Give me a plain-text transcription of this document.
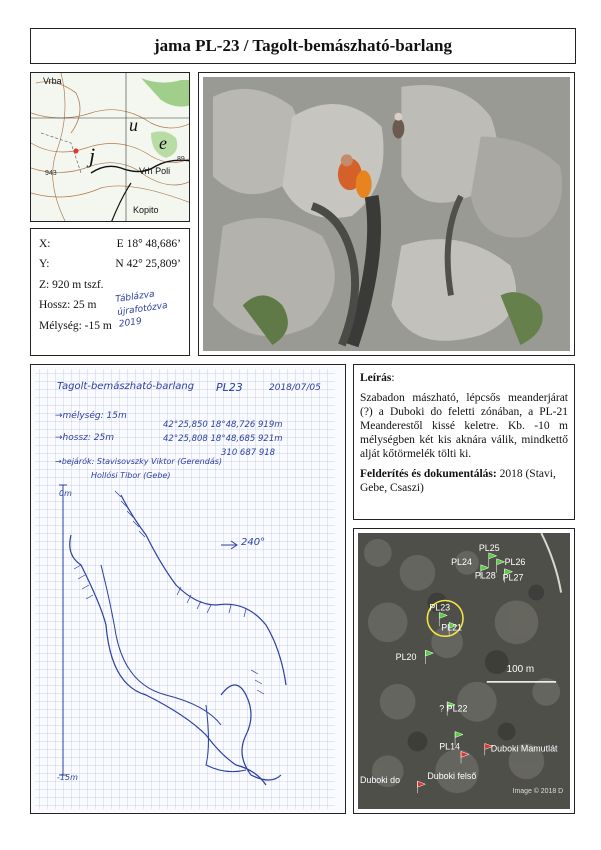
jama PL-23 / Tagolt-bemászható-barlang
Vrba
j
u
e
943	Vrh Poli
89
Kopito
X:	E 18° 48,686’
Y:	N 42° 25,809’
Z: 920 m tszf.
Hossz: 25 m
Mélység: -15 m
Táblázva újrafotózva 2019
Tagolt-bemászható-barlang PL23	2018/07/05
→mélység: 15m
→hossz: 25m
42°25,850 18°48,726 919m
42°25,808 18°48,685 921m
310 687 918
→bejárók: Stavisovszky Viktor (Gerendás)
Hollósi Tibor (Gebe)
0m
-15m
240°
Leírás:
Szabadon mászható, lépcsős meanderjárat (?) a Duboki do feletti zónában, a PL-21 Meanderestől kissé keletre. Kb. -10 m mélységben két kis aknára válik, mindkettő alját kőtörmelék tölti ki.
Felderítés és dokumentálás: 2018 (Stavi, Gebe, Csaszi)
PL25
PL24	PL26
PL28 PL27
PL23
PL21
PL20
? PL22
PL14	Duboki Mamutlát
Duboki do	Duboki felső
100 m
Image © 2018 D
